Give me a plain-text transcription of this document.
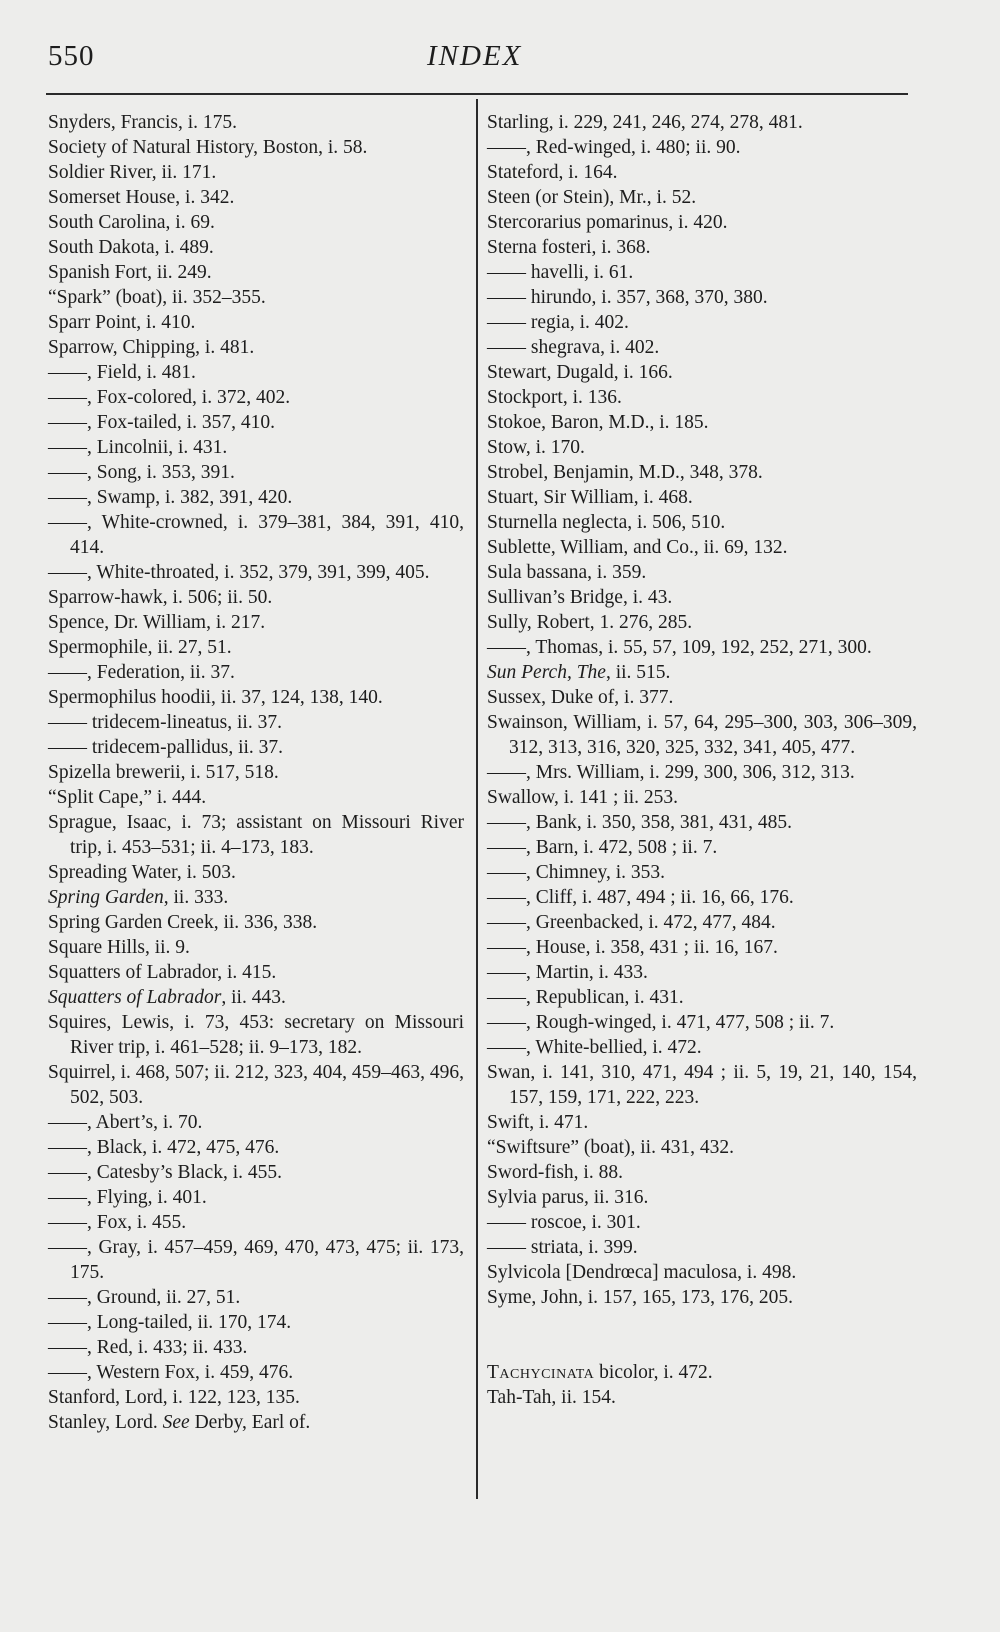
550	INDEX
Snyders, Francis, i. 175.
Society of Natural History, Boston, i. 58.
Soldier River, ii. 171.
Somerset House, i. 342.
South Carolina, i. 69.
South Dakota, i. 489.
Spanish Fort, ii. 249.
“Spark” (boat), ii. 352–355.
Sparr Point, i. 410.
Sparrow, Chipping, i. 481.
——, Field, i. 481.
——, Fox-colored, i. 372, 402.
——, Fox-tailed, i. 357, 410.
——, Lincolnii, i. 431.
——, Song, i. 353, 391.
——, Swamp, i. 382, 391, 420.
——, White-crowned, i. 379–381, 384, 391, 410, 414.
——, White-throated, i. 352, 379, 391, 399, 405.
Sparrow-hawk, i. 506; ii. 50.
Spence, Dr. William, i. 217.
Spermophile, ii. 27, 51.
——, Federation, ii. 37.
Spermophilus hoodii, ii. 37, 124, 138, 140.
—— tridecem-lineatus, ii. 37.
—— tridecem-pallidus, ii. 37.
Spizella brewerii, i. 517, 518.
“Split Cape,” i. 444.
Sprague, Isaac, i. 73; assistant on Missouri River trip, i. 453–531; ii. 4–173, 183.
Spreading Water, i. 503.
Spring Garden, ii. 333.
Spring Garden Creek, ii. 336, 338.
Square Hills, ii. 9.
Squatters of Labrador, i. 415.
Squatters of Labrador, ii. 443.
Squires, Lewis, i. 73, 453: secretary on Missouri River trip, i. 461–528; ii. 9–173, 182.
Squirrel, i. 468, 507; ii. 212, 323, 404, 459–463, 496, 502, 503.
——, Abert’s, i. 70.
——, Black, i. 472, 475, 476.
——, Catesby’s Black, i. 455.
——, Flying, i. 401.
——, Fox, i. 455.
——, Gray, i. 457–459, 469, 470, 473, 475; ii. 173, 175.
——, Ground, ii. 27, 51.
——, Long-tailed, ii. 170, 174.
——, Red, i. 433; ii. 433.
——, Western Fox, i. 459, 476.
Stanford, Lord, i. 122, 123, 135.
Stanley, Lord. See Derby, Earl of.
Starling, i. 229, 241, 246, 274, 278, 481.
——, Red-winged, i. 480; ii. 90.
Stateford, i. 164.
Steen (or Stein), Mr., i. 52.
Stercorarius pomarinus, i. 420.
Sterna fosteri, i. 368.
—— havelli, i. 61.
—— hirundo, i. 357, 368, 370, 380.
—— regia, i. 402.
—— shegrava, i. 402.
Stewart, Dugald, i. 166.
Stockport, i. 136.
Stokoe, Baron, M.D., i. 185.
Stow, i. 170.
Strobel, Benjamin, M.D., 348, 378.
Stuart, Sir William, i. 468.
Sturnella neglecta, i. 506, 510.
Sublette, William, and Co., ii. 69, 132.
Sula bassana, i. 359.
Sullivan’s Bridge, i. 43.
Sully, Robert, 1. 276, 285.
——, Thomas, i. 55, 57, 109, 192, 252, 271, 300.
Sun Perch, The, ii. 515.
Sussex, Duke of, i. 377.
Swainson, William, i. 57, 64, 295–300, 303, 306–309, 312, 313, 316, 320, 325, 332, 341, 405, 477.
——, Mrs. William, i. 299, 300, 306, 312, 313.
Swallow, i. 141 ; ii. 253.
——, Bank, i. 350, 358, 381, 431, 485.
——, Barn, i. 472, 508 ; ii. 7.
——, Chimney, i. 353.
——, Cliff, i. 487, 494 ; ii. 16, 66, 176.
——, Greenbacked, i. 472, 477, 484.
——, House, i. 358, 431 ; ii. 16, 167.
——, Martin, i. 433.
——, Republican, i. 431.
——, Rough-winged, i. 471, 477, 508 ; ii. 7.
——, White-bellied, i. 472.
Swan, i. 141, 310, 471, 494 ; ii. 5, 19, 21, 140, 154, 157, 159, 171, 222, 223.
Swift, i. 471.
“Swiftsure” (boat), ii. 431, 432.
Sword-fish, i. 88.
Sylvia parus, ii. 316.
—— roscoe, i. 301.
—— striata, i. 399.
Sylvicola [Dendrœca] maculosa, i. 498.
Syme, John, i. 157, 165, 173, 176, 205.
Tachycinata bicolor, i. 472.
Tah-Tah, ii. 154.
